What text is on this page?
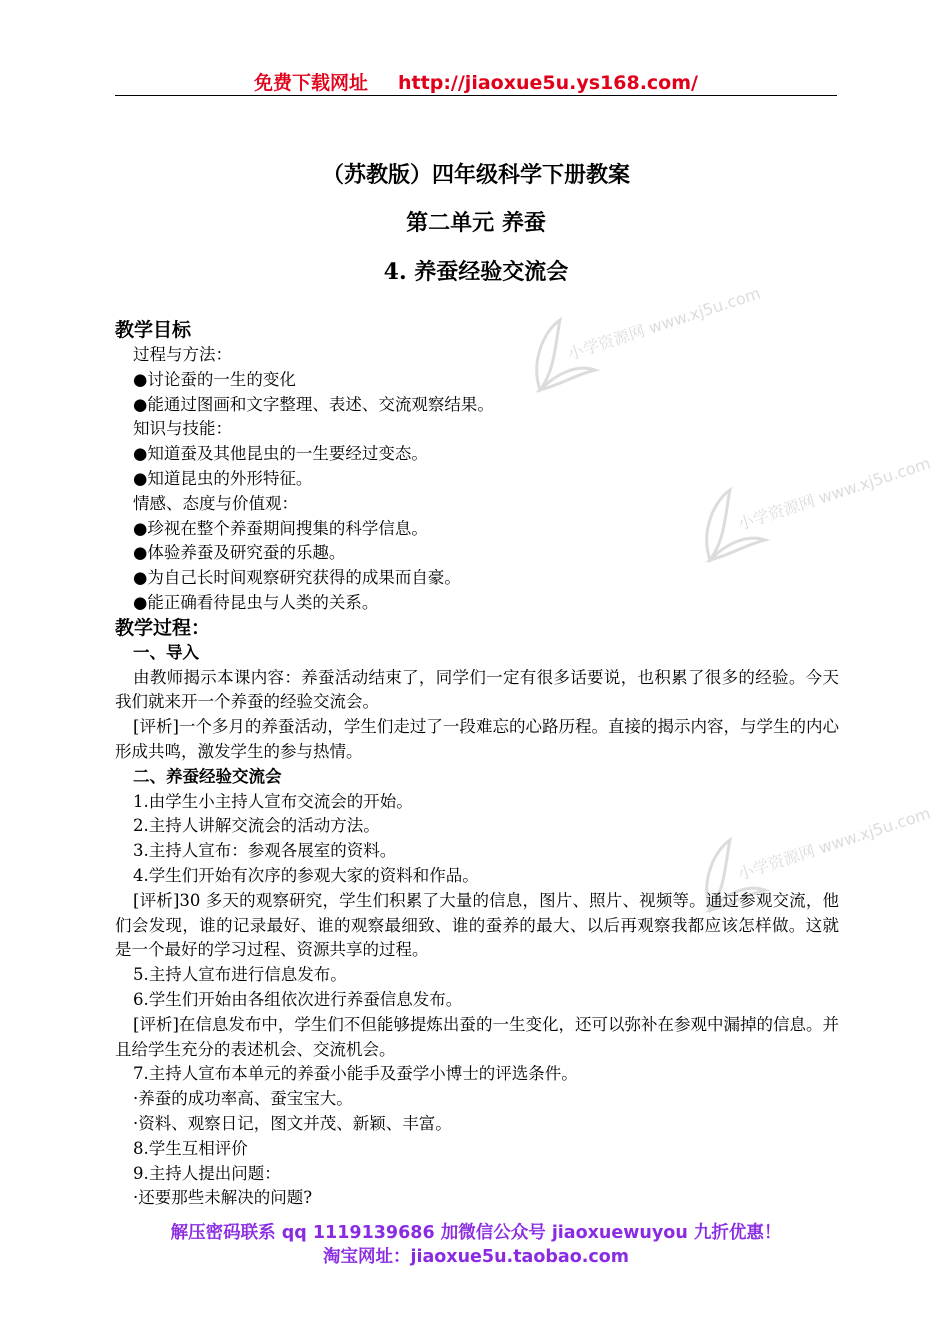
免费下载网址 http://jiaoxue5u.ys168.com/
（苏教版）四年级科学下册教案
第二单元 养蚕
4. 养蚕经验交流会
小学资源网 www.xj5u.com
小学资源网 www.xj5u.com
小学资源网 www.xj5u.com
教学目标
过程与方法：
●讨论蚕的一生的变化
●能通过图画和文字整理、表述、交流观察结果。
知识与技能：
●知道蚕及其他昆虫的一生要经过变态。
●知道昆虫的外形特征。
情感、态度与价值观：
●珍视在整个养蚕期间搜集的科学信息。
●体验养蚕及研究蚕的乐趣。
●为自己长时间观察研究获得的成果而自豪。
●能正确看待昆虫与人类的关系。
教学过程：
一、导入
由教师揭示本课内容：养蚕活动结束了，同学们一定有很多话要说，也积累了很多的经验。今天我们就来开一个养蚕的经验交流会。
[评析]一个多月的养蚕活动，学生们走过了一段难忘的心路历程。直接的揭示内容，与学生的内心形成共鸣，激发学生的参与热情。
二、养蚕经验交流会
1.由学生小主持人宣布交流会的开始。
2.主持人讲解交流会的活动方法。
3.主持人宣布：参观各展室的资料。
4.学生们开始有次序的参观大家的资料和作品。
[评析]30 多天的观察研究，学生们积累了大量的信息，图片、照片、视频等。通过参观交流，他们会发现，谁的记录最好、谁的观察最细致、谁的蚕养的最大、以后再观察我都应该怎样做。这就是一个最好的学习过程、资源共享的过程。
5.主持人宣布进行信息发布。
6.学生们开始由各组依次进行养蚕信息发布。
[评析]在信息发布中，学生们不但能够提炼出蚕的一生变化，还可以弥补在参观中漏掉的信息。并且给学生充分的表述机会、交流机会。
7.主持人宣布本单元的养蚕小能手及蚕学小博士的评选条件。
·养蚕的成功率高、蚕宝宝大。
·资料、观察日记，图文并茂、新颖、丰富。
8.学生互相评价
9.主持人提出问题：
·还要那些未解决的问题?
解压密码联系 qq 1119139686 加微信公众号 jiaoxuewuyou 九折优惠！
淘宝网址：jiaoxue5u.taobao.com
